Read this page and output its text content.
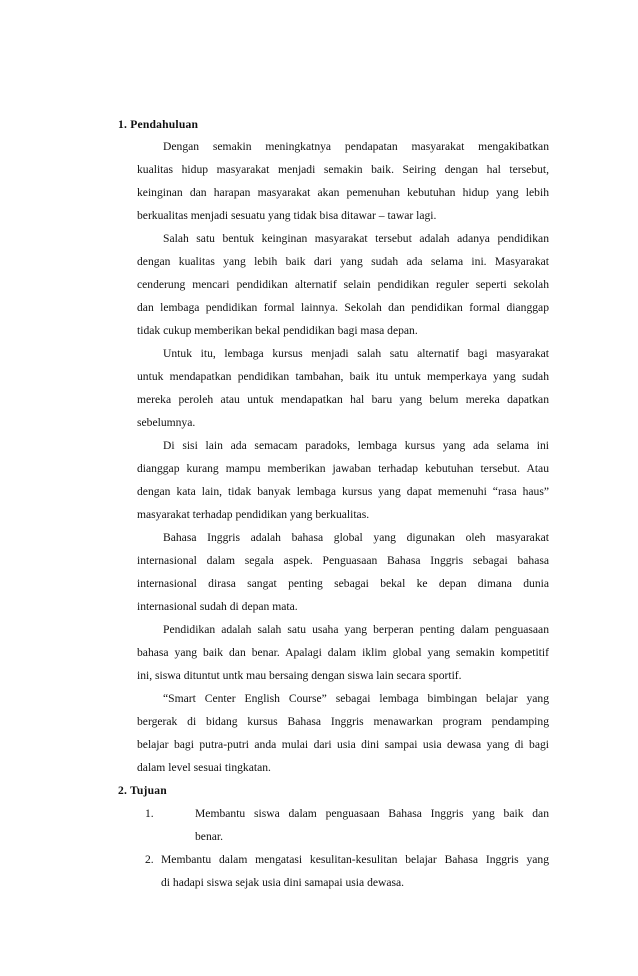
1. Pendahuluan
Dengan semakin meningkatnya pendapatan masyarakat mengakibatkan
kualitas hidup masyarakat menjadi semakin baik. Seiring dengan hal tersebut,
keinginan dan harapan masyarakat akan pemenuhan kebutuhan hidup yang lebih
berkualitas menjadi sesuatu yang tidak bisa ditawar – tawar lagi.
Salah satu bentuk keinginan masyarakat tersebut adalah adanya pendidikan
dengan kualitas yang lebih baik dari yang sudah ada selama ini. Masyarakat
cenderung mencari pendidikan alternatif selain pendidikan reguler seperti sekolah
dan lembaga pendidikan formal lainnya. Sekolah dan pendidikan formal dianggap
tidak cukup memberikan bekal pendidikan bagi masa depan.
Untuk itu, lembaga kursus menjadi salah satu alternatif bagi masyarakat
untuk mendapatkan pendidikan tambahan, baik itu untuk memperkaya yang sudah
mereka peroleh atau untuk mendapatkan hal baru yang belum mereka dapatkan
sebelumnya.
Di sisi lain ada semacam paradoks, lembaga kursus yang ada selama ini
dianggap kurang mampu memberikan jawaban terhadap kebutuhan tersebut. Atau
dengan kata lain, tidak banyak lembaga kursus yang dapat memenuhi “rasa haus”
masyarakat terhadap pendidikan yang berkualitas.
Bahasa Inggris adalah bahasa global yang digunakan oleh masyarakat
internasional dalam segala aspek. Penguasaan Bahasa Inggris sebagai bahasa
internasional dirasa sangat penting sebagai bekal ke depan dimana dunia
internasional sudah di depan mata.
Pendidikan adalah salah satu usaha yang berperan penting dalam penguasaan
bahasa yang baik dan benar. Apalagi dalam iklim global yang semakin kompetitif
ini, siswa dituntut untk mau bersaing dengan siswa lain secara sportif.
“Smart Center English Course” sebagai lembaga bimbingan belajar yang
bergerak di bidang kursus Bahasa Inggris menawarkan program pendamping
belajar bagi putra-putri anda mulai dari usia dini sampai usia dewasa yang di bagi
dalam level sesuai tingkatan.
2. Tujuan
1.	Membantu siswa dalam penguasaan Bahasa Inggris yang baik dan
benar.
2. Membantu dalam mengatasi kesulitan-kesulitan belajar Bahasa Inggris yang
di hadapi siswa sejak usia dini samapai usia dewasa.
